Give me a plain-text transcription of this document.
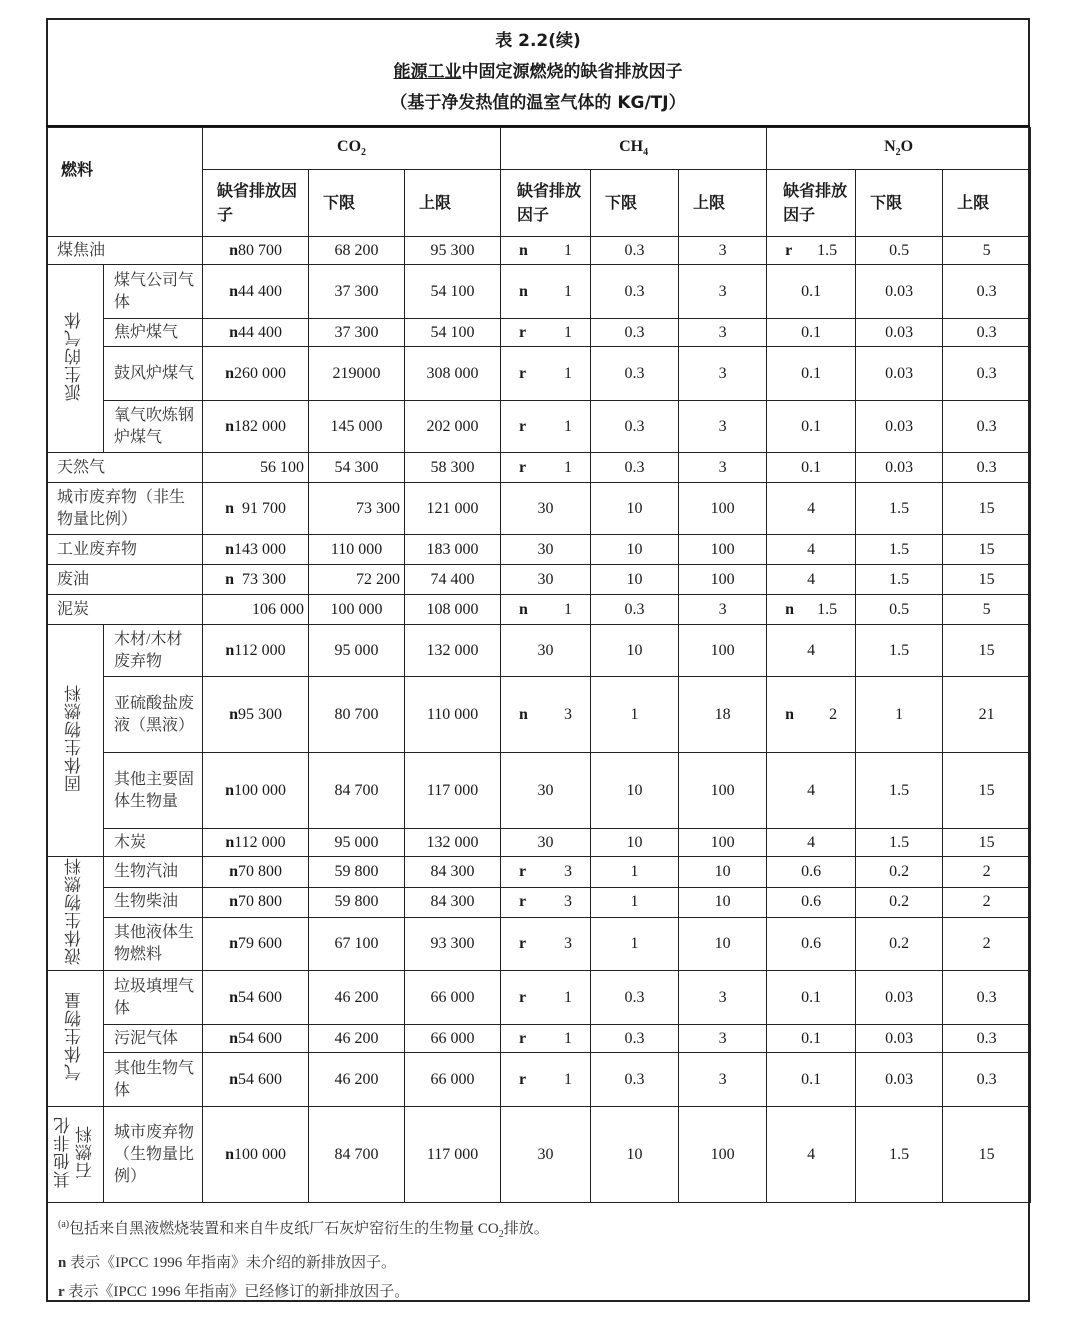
表 2.2(续)
能源工业中固定源燃烧的缺省排放因子
（基于净发热值的温室气体的 KG/TJ）
燃料		$CO_2$			$CH_4$			$N_2O$		
		缺省排放因子	下限	上限	缺省排放因子	下限	上限	缺省排放因子	下限	上限
煤焦油		n80 700	68 200	95 300	n 1	0.3	3	r 1.5	0.5	5
派生的气体	煤气公司气体	n44 400	37 300	54 100	n 1	0.3	3	0.1	0.03	0.3
	焦炉煤气	n44 400	37 300	54 100	r 1	0.3	3	0.1	0.03	0.3
	鼓风炉煤气	n260 000	219000	308 000	r 1	0.3	3	0.1	0.03	0.3
	氧气吹炼钢炉煤气	n182 000	145 000	202 000	r 1	0.3	3	0.1	0.03	0.3
天然气		56 100	54 300	58 300	r 1	0.3	3	0.1	0.03	0.3
城市废弃物（非生物量比例）		n 91 700	73 300	121 000	30	10	100	4	1.5	15
工业废弃物		n143 000	110 000	183 000	30	10	100	4	1.5	15
废油		n 73 300	72 200	74 400	30	10	100	4	1.5	15
泥炭		106 000	100 000	108 000	n 1	0.3	3	n 1.5	0.5	5
固体生物燃料	木材/木材废弃物	n112 000	95 000	132 000	30	10	100	4	1.5	15
	亚硫酸盐废液（黑液）	n95 300	80 700	110 000	n 3	1	18	n 2	1	21
	其他主要固体生物量	n100 000	84 700	117 000	30	10	100	4	1.5	15
	木炭	n112 000	95 000	132 000	30	10	100	4	1.5	15
液体生物燃料	生物汽油	n70 800	59 800	84 300	r 3	1	10	0.6	0.2	2
	生物柴油	n70 800	59 800	84 300	r 3	1	10	0.6	0.2	2
	其他液体生物燃料	n79 600	67 100	93 300	r 3	1	10	0.6	0.2	2
气体生物量	垃圾填埋气体	n54 600	46 200	66 000	r 1	0.3	3	0.1	0.03	0.3
	污泥气体	n54 600	46 200	66 000	r 1	0.3	3	0.1	0.03	0.3
	其他生物气体	n54 600	46 200	66 000	r 1	0.3	3	0.1	0.03	0.3
其他非化石燃料	城市废弃物（生物量比例）	n100 000	84 700	117 000	30	10	100	4	1.5	15
$^{(a)}$包括来自黑液燃烧装置和来自牛皮纸厂石灰炉窑衍生的生物量 $CO_2$排放。
n 表示《IPCC 1996 年指南》未介绍的新排放因子。
r 表示《IPCC 1996 年指南》已经修订的新排放因子。
